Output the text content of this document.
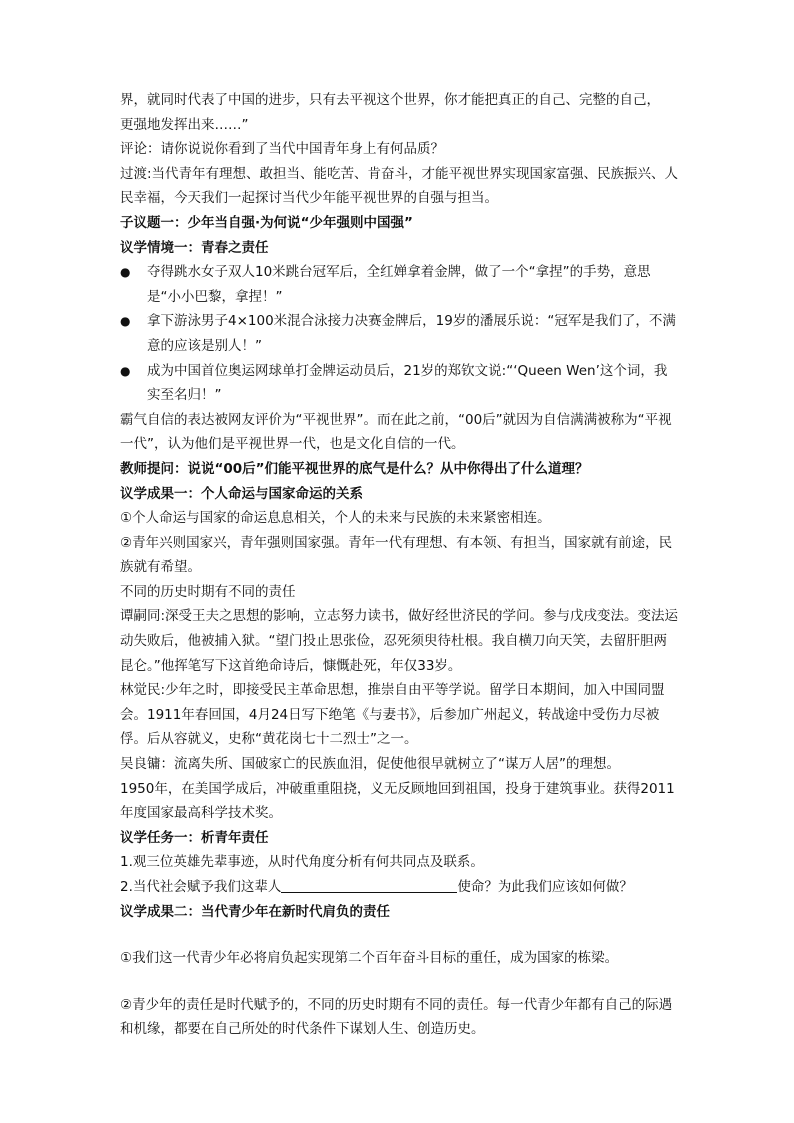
界，就同时代表了中国的进步，只有去平视这个世界，你才能把真正的自己、完整的自己，

更强地发挥出来……”

评论：请你说说你看到了当代中国青年身上有何品质？

过渡:当代青年有理想、敢担当、能吃苦、肯奋斗，才能平视世界实现国家富强、民族振兴、人民幸福，今天我们一起探讨当代少年能平视世界的自强与担当。

子议题一：少年当自强·为何说“少年强则中国强”

议学情境一：青春之责任

● 夺得跳水女子双人10米跳台冠军后，全红婵拿着金牌，做了一个“拿捏”的手势，意思是“小小巴黎，拿捏！”
● 拿下游泳男子4×100米混合泳接力决赛金牌后，19岁的潘展乐说：“冠军是我们了，不满意的应该是别人！”
● 成为中国首位奥运网球单打金牌运动员后，21岁的郑钦文说:“‘Queen Wen’这个词，我实至名归！”

霸气自信的表达被网友评价为“平视世界”。而在此之前，“00后”就因为自信满满被称为“平视一代”，认为他们是平视世界一代，也是文化自信的一代。

教师提问：说说“00后”们能平视世界的底气是什么？从中你得出了什么道理？

议学成果一：个人命运与国家命运的关系

①个人命运与国家的命运息息相关，个人的未来与民族的未来紧密相连。

②青年兴则国家兴，青年强则国家强。青年一代有理想、有本领、有担当，国家就有前途，民族就有希望。

不同的历史时期有不同的责任

谭嗣同:深受王夫之思想的影响，立志努力读书，做好经世济民的学问。参与戊戌变法。变法运动失败后，他被捕入狱。“望门投止思张俭，忍死须臾待杜根。我自横刀向天笑，去留肝胆两昆仑。”他挥笔写下这首绝命诗后，慷慨赴死，年仅33岁。

林觉民:少年之时，即接受民主革命思想，推崇自由平等学说。留学日本期间，加入中国同盟会。1911年春回国，4月24日写下绝笔《与妻书》，后参加广州起义，转战途中受伤力尽被俘。后从容就义，史称“黄花岗七十二烈士”之一。

吴良镛：流离失所、国破家亡的民族血泪，促使他很早就树立了“谋万人居”的理想。

1950年，在美国学成后，冲破重重阻挠，义无反顾地回到祖国，投身于建筑事业。获得2011年度国家最高科学技术奖。

议学任务一：析青年责任

1.观三位英雄先辈事迹，从时代角度分析有何共同点及联系。

2.当代社会赋予我们这辈人	使命？为此我们应该如何做？

议学成果二：当代青少年在新时代肩负的责任

①我们这一代青少年必将肩负起实现第二个百年奋斗目标的重任，成为国家的栋梁。

②青少年的责任是时代赋予的，不同的历史时期有不同的责任。每一代青少年都有自己的际遇和机缘，都要在自己所处的时代条件下谋划人生、创造历史。
